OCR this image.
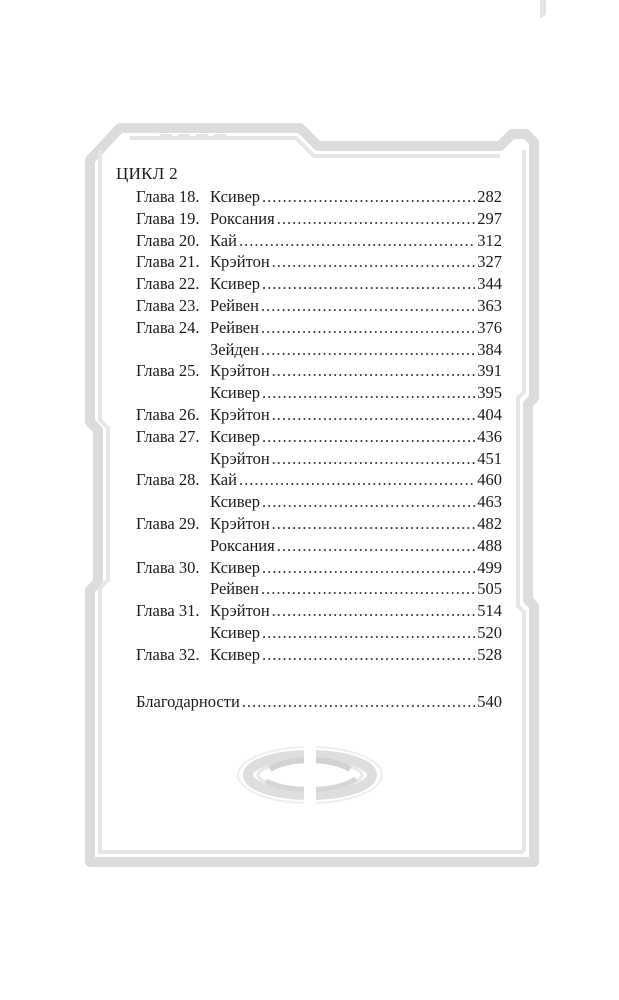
ЦИКЛ 2
Глава 18. Ксивер .....	282
Глава 19. Роксания .....	297
Глава 20. Кай .....	312
Глава 21. Крэйтон .....	327
Глава 22. Ксивер .....	344
Глава 23. Рейвен .....	363
Глава 24. Рейвен .....	376
Зейден .....	384
Глава 25. Крэйтон .....	391
Ксивер .....	395
Глава 26. Крэйтон .....	404
Глава 27. Ксивер .....	436
Крэйтон .....	451
Глава 28. Кай .....	460
Ксивер .....	463
Глава 29. Крэйтон .....	482
Роксания .....	488
Глава 30. Ксивер .....	499
Рейвен .....	505
Глава 31. Крэйтон .....	514
Ксивер .....	520
Глава 32. Ксивер .....	528
Благодарности .....	540
